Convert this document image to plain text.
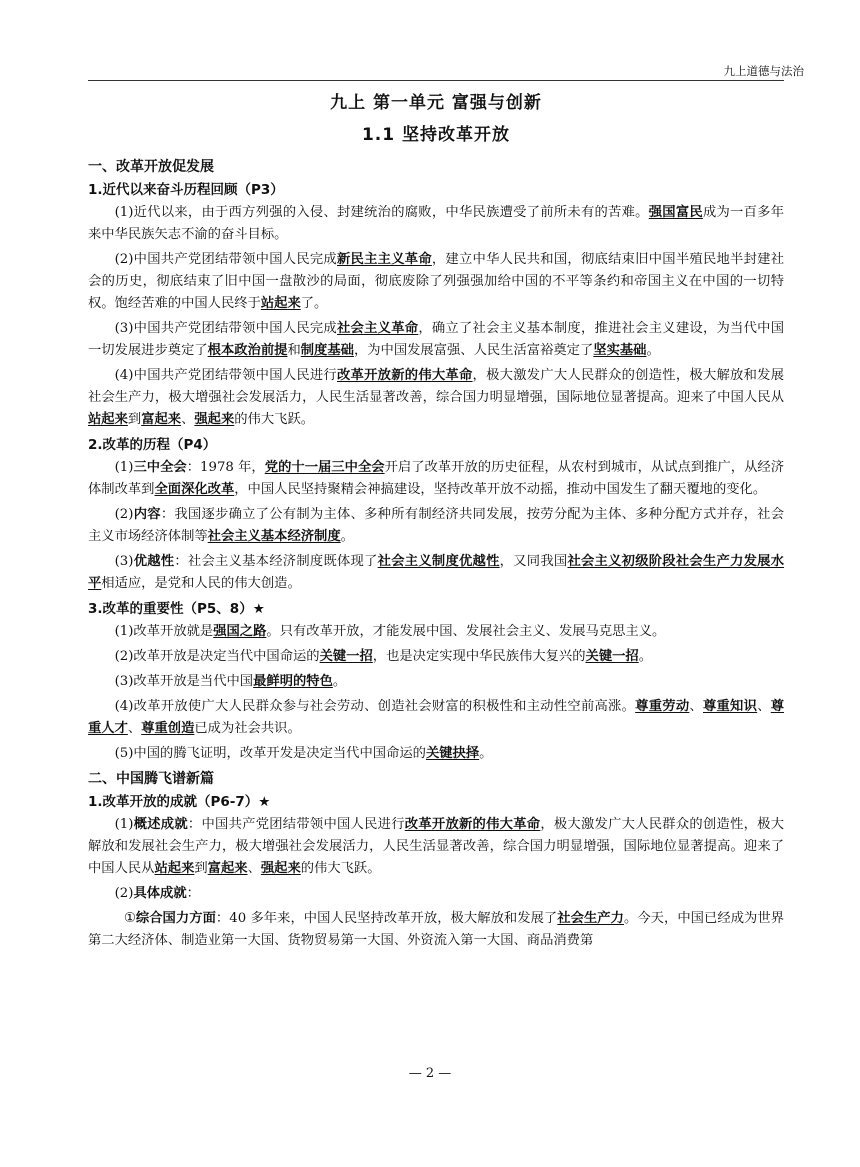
九上道德与法治
九上 第一单元 富强与创新
1.1 坚持改革开放
一、改革开放促发展
1.近代以来奋斗历程回顾（P3）

(1)近代以来，由于西方列强的入侵、封建统治的腐败，中华民族遭受了前所未有的苦难。强国富民成为一百多年来中华民族矢志不渝的奋斗目标。

(2)中国共产党团结带领中国人民完成新民主主义革命，建立中华人民共和国，彻底结束旧中国半殖民地半封建社会的历史，彻底结束了旧中国一盘散沙的局面，彻底废除了列强强加给中国的不平等条约和帝国主义在中国的一切特权。饱经苦难的中国人民终于站起来了。

(3)中国共产党团结带领中国人民完成社会主义革命，确立了社会主义基本制度，推进社会主义建设，为当代中国一切发展进步奠定了根本政治前提和制度基础，为中国发展富强、人民生活富裕奠定了坚实基础。

(4)中国共产党团结带领中国人民进行改革开放新的伟大革命，极大激发广大人民群众的创造性，极大解放和发展社会生产力，极大增强社会发展活力，人民生活显著改善，综合国力明显增强，国际地位显著提高。迎来了中国人民从站起来到富起来、强起来的伟大飞跃。

2.改革的历程（P4）

(1)三中全会：1978 年，党的十一届三中全会开启了改革开放的历史征程，从农村到城市，从试点到推广，从经济体制改革到全面深化改革，中国人民坚持聚精会神搞建设，坚持改革开放不动摇，推动中国发生了翻天覆地的变化。

(2)内容：我国逐步确立了公有制为主体、多种所有制经济共同发展，按劳分配为主体、多种分配方式并存，社会主义市场经济体制等社会主义基本经济制度。

(3)优越性：社会主义基本经济制度既体现了社会主义制度优越性，又同我国社会主义初级阶段社会生产力发展水平相适应，是党和人民的伟大创造。

3.改革的重要性（P5、8）★

(1)改革开放就是强国之路。只有改革开放，才能发展中国、发展社会主义、发展马克思主义。

(2)改革开放是决定当代中国命运的关键一招，也是决定实现中华民族伟大复兴的关键一招。

(3)改革开放是当代中国最鲜明的特色。

(4)改革开放使广大人民群众参与社会劳动、创造社会财富的积极性和主动性空前高涨。尊重劳动、尊重知识、尊重人才、尊重创造已成为社会共识。

(5)中国的腾飞证明，改革开发是决定当代中国命运的关键抉择。

二、中国腾飞谱新篇
1.改革开放的成就（P6-7）★

(1)概述成就：中国共产党团结带领中国人民进行改革开放新的伟大革命，极大激发广大人民群众的创造性，极大解放和发展社会生产力，极大增强社会发展活力，人民生活显著改善，综合国力明显增强，国际地位显著提高。迎来了中国人民从站起来到富起来、强起来的伟大飞跃。

(2)具体成就：

①综合国力方面：40 多年来，中国人民坚持改革开放，极大解放和发展了社会生产力。今天，中国已经成为世界第二大经济体、制造业第一大国、货物贸易第一大国、外资流入第一大国、商品消费第

— 2 —
